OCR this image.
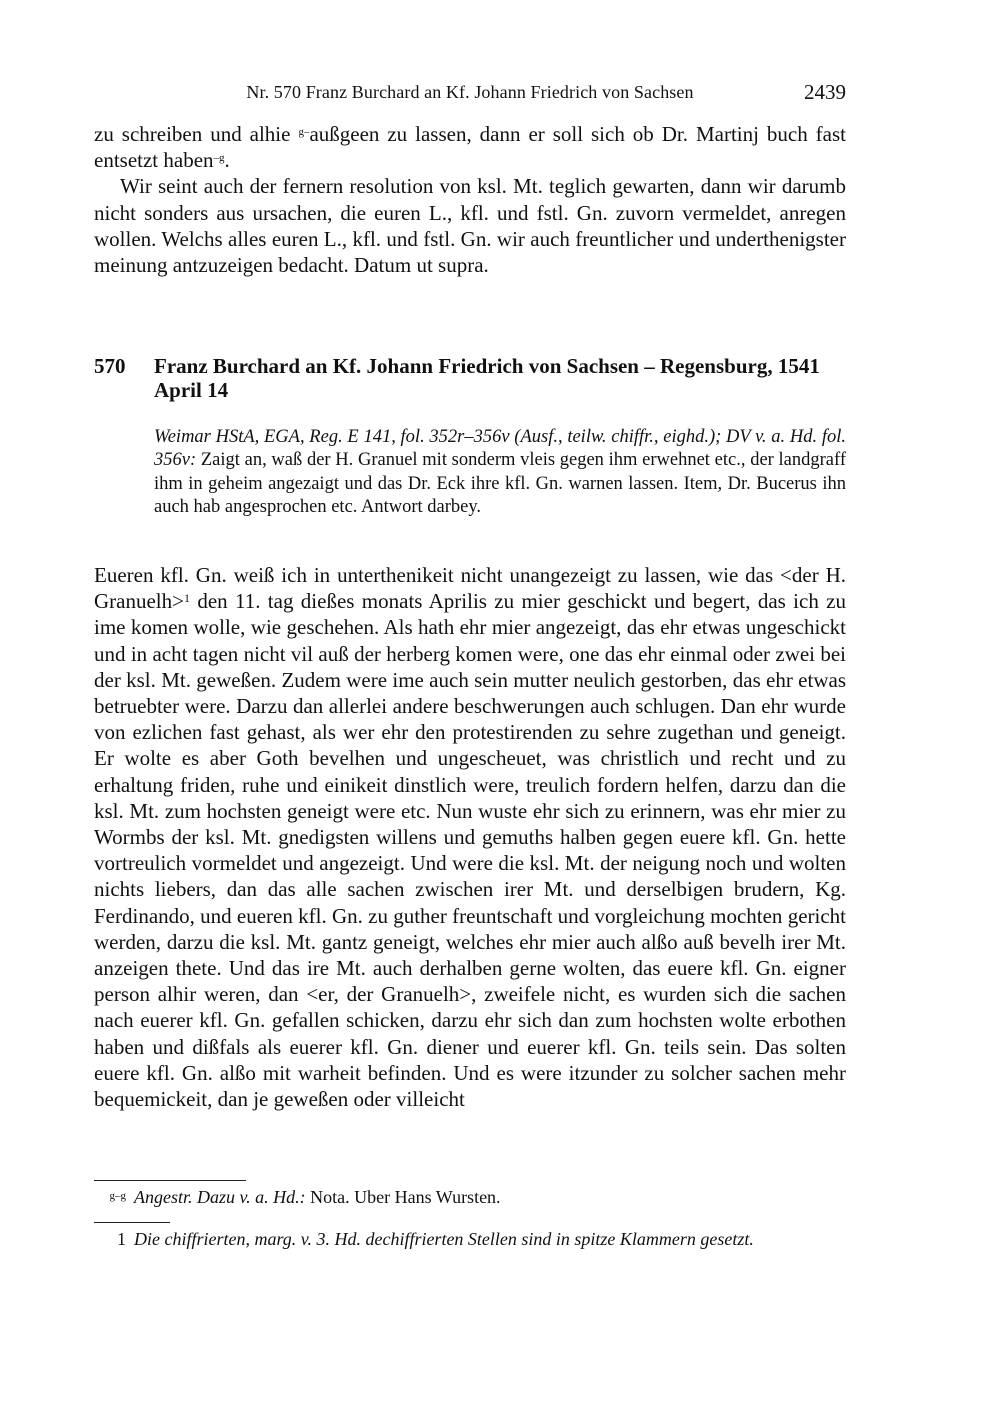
Nr. 570 Franz Burchard an Kf. Johann Friedrich von Sachsen	2439

zu schreiben und alhie $^{g-}$außgeen zu lassen, dann er soll sich ob Dr. Martinj buch fast entsetzt haben$^{-g}$.

Wir seint auch der fernern resolution von ksl. Mt. teglich gewarten, dann wir darumb nicht sonders aus ursachen, die euren L., kfl. und fstl. Gn. zuvorn vermeldet, anregen wollen. Welchs alles euren L., kfl. und fstl. Gn. wir auch freuntlicher und underthenigster meinung antzuzeigen bedacht. Datum ut supra.

570 Franz Burchard an Kf. Johann Friedrich von Sachsen – Regensburg, 1541 April 14
Weimar HStA, EGA, Reg. E 141, fol. 352r–356v (Ausf., teilw. chiffr., eighd.); DV v. a. Hd. fol. 356v: Zaigt an, waß der H. Granuel mit sonderm vleis gegen ihm erwehnet etc., der landgraff ihm in geheim angezaigt und das Dr. Eck ihre kfl. Gn. warnen lassen. Item, Dr. Bucerus ihn auch hab angesprochen etc. Antwort darbey.

Eueren kfl. Gn. weiß ich in unterthenikeit nicht unangezeigt zu lassen, wie das <der H. Granuelh>$^1$ den 11. tag dießes monats Aprilis zu mier geschickt und begert, das ich zu ime komen wolle, wie geschehen. Als hath ehr mier angezeigt, das ehr etwas ungeschickt und in acht tagen nicht vil auß der herberg komen were, one das ehr einmal oder zwei bei der ksl. Mt. geweßen. Zudem were ime auch sein mutter neulich gestorben, das ehr etwas betruebter were. Darzu dan allerlei andere beschwerungen auch schlugen. Dan ehr wurde von ezlichen fast gehast, als wer ehr den protestirenden zu sehre zugethan und geneigt. Er wolte es aber Goth bevelhen und ungescheuet, was christlich und recht und zu erhaltung friden, ruhe und einikeit dinstlich were, treulich fordern helfen, darzu dan die ksl. Mt. zum hochsten geneigt were etc. Nun wuste ehr sich zu erinnern, was ehr mier zu Wormbs der ksl. Mt. gnedigsten willens und gemuths halben gegen euere kfl. Gn. hette vortreulich vormeldet und angezeigt. Und were die ksl. Mt. der neigung noch und wolten nichts liebers, dan das alle sachen zwischen irer Mt. und derselbigen brudern, Kg. Ferdinando, und eueren kfl. Gn. zu guther freuntschaft und vorgleichung mochten gericht werden, darzu die ksl. Mt. gantz geneigt, welches ehr mier auch alßo auß bevelh irer Mt. anzeigen thete. Und das ire Mt. auch derhalben gerne wolten, das euere kfl. Gn. eigner person alhir weren, dan <er, der Granuelh>, zweifele nicht, es wurden sich die sachen nach euerer kfl. Gn. gefallen schicken, darzu ehr sich dan zum hochsten wolte erbothen haben und dißfals als euerer kfl. Gn. diener und euerer kfl. Gn. teils sein. Das solten euere kfl. Gn. alßo mit warheit befinden. Und es were itzunder zu solcher sachen mehr bequemickeit, dan je geweßen oder villeicht

g–g Angestr. Dazu v. a. Hd.: Nota. Uber Hans Wursten.
1 Die chiffrierten, marg. v. 3. Hd. dechiffrierten Stellen sind in spitze Klammern gesetzt.
